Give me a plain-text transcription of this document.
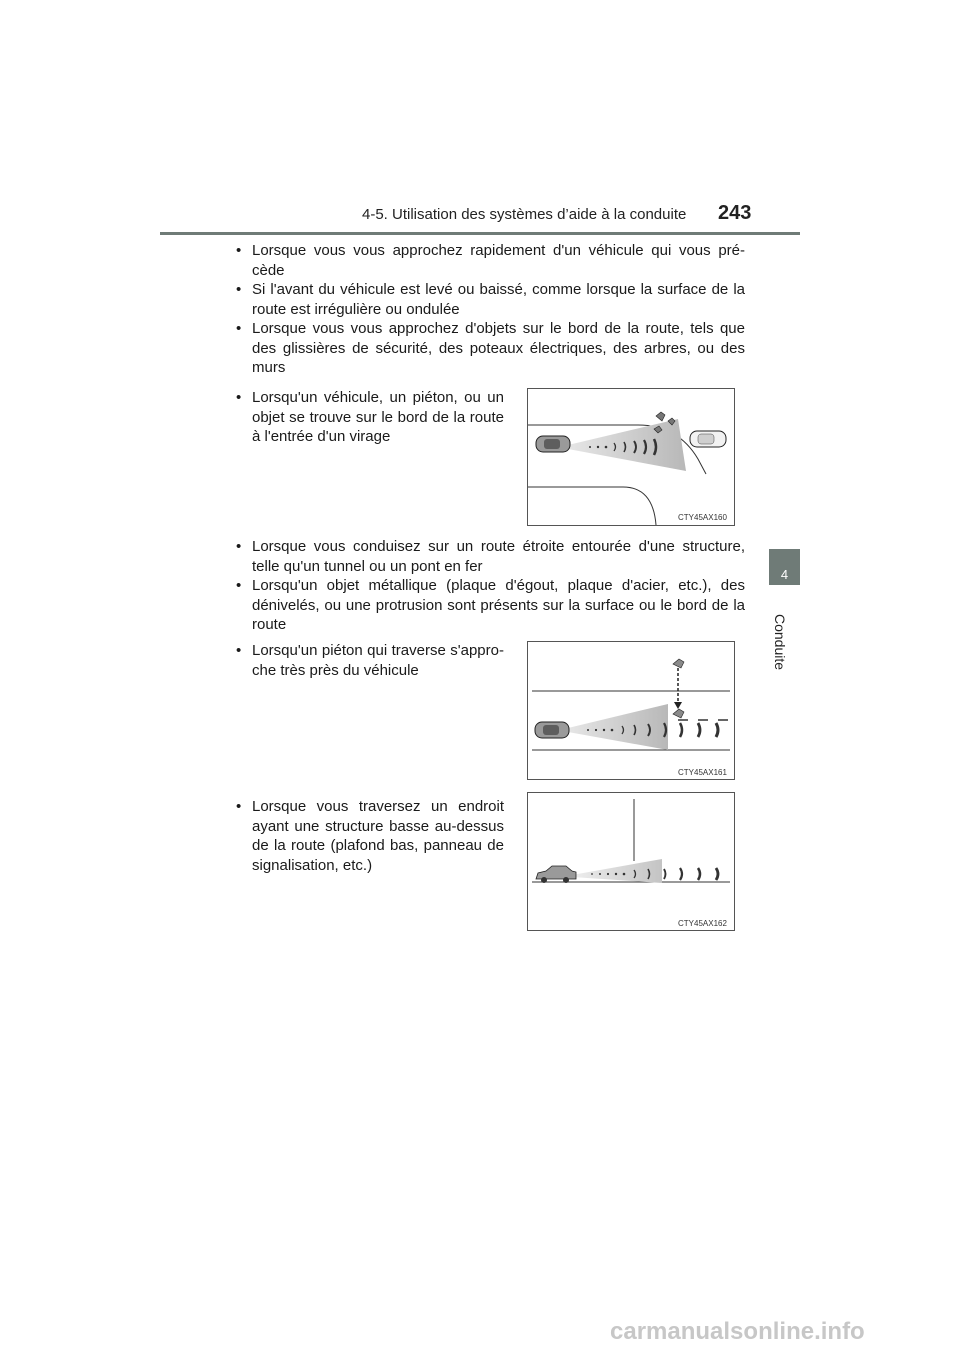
4-5. Utilisation des systèmes d’aide à la conduite 243
4
Conduite
• Lorsque vous vous approchez rapidement d'un véhicule qui vous pré-cède
• Si l'avant du véhicule est levé ou baissé, comme lorsque la surface de la route est irrégulière ou ondulée
• Lorsque vous vous approchez d'objets sur le bord de la route, tels que des glissières de sécurité, des poteaux électriques, des arbres, ou des murs
• Lorsqu'un véhicule, un piéton, ou un objet se trouve sur le bord de la route à l'entrée d'un virage
CTY45AX160
• Lorsque vous conduisez sur un route étroite entourée d'une structure, telle qu'un tunnel ou un pont en fer
• Lorsqu'un objet métallique (plaque d'égout, plaque d'acier, etc.), des dénivelés, ou une protrusion sont présents sur la surface ou le bord de la route
• Lorsqu'un piéton qui traverse s'appro-che très près du véhicule
CTY45AX161
• Lorsque vous traversez un endroit ayant une structure basse au-dessus de la route (plafond bas, panneau de signalisation, etc.)
CTY45AX162
carmanualsonline.info
